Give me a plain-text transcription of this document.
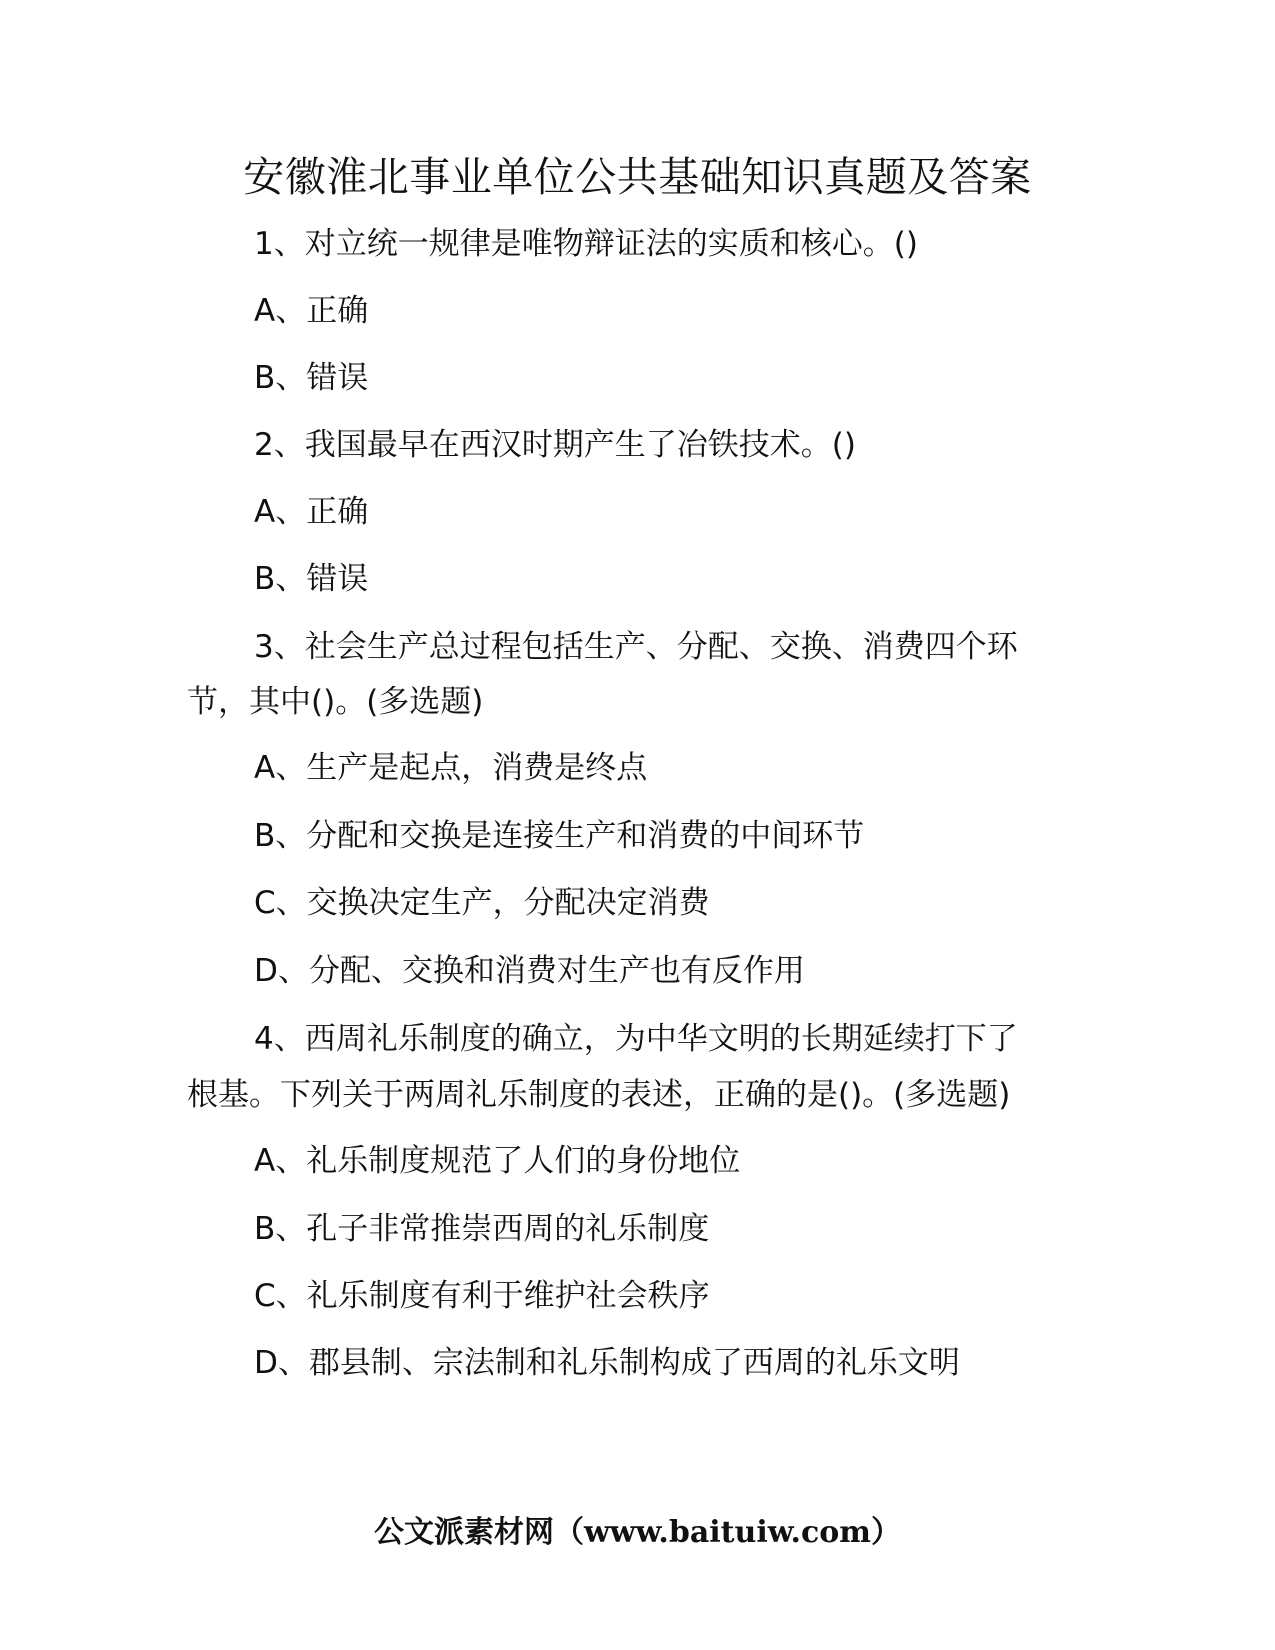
安徽淮北事业单位公共基础知识真题及答案
1、对立统一规律是唯物辩证法的实质和核心。()
A、正确
B、错误
2、我国最早在西汉时期产生了冶铁技术。()
A、正确
B、错误
3、社会生产总过程包括生产、分配、交换、消费四个环
节，其中()。(多选题)
A、生产是起点，消费是终点
B、分配和交换是连接生产和消费的中间环节
C、交换决定生产，分配决定消费
D、分配、交换和消费对生产也有反作用
4、西周礼乐制度的确立，为中华文明的长期延续打下了
根基。下列关于两周礼乐制度的表述，正确的是()。(多选题)
A、礼乐制度规范了人们的身份地位
B、孔子非常推崇西周的礼乐制度
C、礼乐制度有利于维护社会秩序
D、郡县制、宗法制和礼乐制构成了西周的礼乐文明
公文派素材网（www.baituiw.com）
